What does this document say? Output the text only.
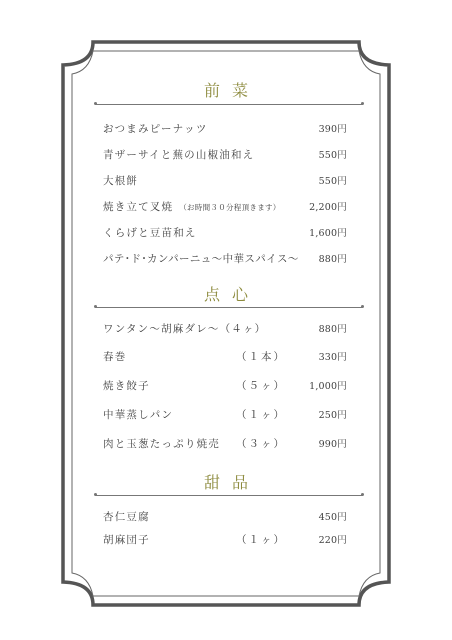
前菜
おつまみピーナッツ	390円
青ザーサイと蕪の山椒油和え	550円
大根餅	550円
焼き立て叉焼 （お時間３０分程頂きます）	2,200円
くらげと豆苗和え	1,600円
パテ･ド･カンパーニュ〜中華スパイス〜 880円
点心
ワンタン〜胡麻ダレ〜（４ヶ）	880円
春巻	（１本）	330円
焼き餃子	（５ヶ） 1,000円
中華蒸しパン	（１ヶ）	250円
肉と玉葱たっぷり焼売 （３ヶ）	990円
甜品
杏仁豆腐	450円
胡麻団子	（１ヶ）	220円
